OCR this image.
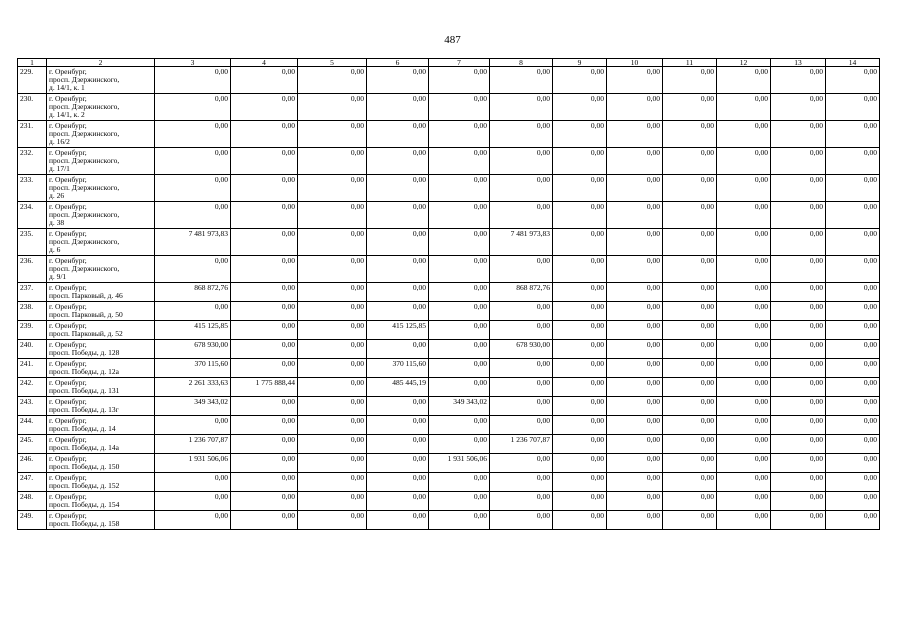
487
1	2	3	4	5	6	7	8	9	10	11	12	13	14
229.	г. Оренбург,
просп. Дзержинского,
д. 14/1, к. 1	0,00	0,00	0,00	0,00	0,00	0,00	0,00	0,00	0,00	0,00	0,00	0,00
230.	г. Оренбург,
просп. Дзержинского,
д. 14/1, к. 2	0,00	0,00	0,00	0,00	0,00	0,00	0,00	0,00	0,00	0,00	0,00	0,00
231.	г. Оренбург,
просп. Дзержинского,
д. 16/2	0,00	0,00	0,00	0,00	0,00	0,00	0,00	0,00	0,00	0,00	0,00	0,00
232.	г. Оренбург,
просп. Дзержинского,
д. 17/1	0,00	0,00	0,00	0,00	0,00	0,00	0,00	0,00	0,00	0,00	0,00	0,00
233.	г. Оренбург,
просп. Дзержинского,
д. 26	0,00	0,00	0,00	0,00	0,00	0,00	0,00	0,00	0,00	0,00	0,00	0,00
234.	г. Оренбург,
просп. Дзержинского,
д. 38	0,00	0,00	0,00	0,00	0,00	0,00	0,00	0,00	0,00	0,00	0,00	0,00
235.	г. Оренбург,
просп. Дзержинского,
д. 6	7 481 973,83	0,00	0,00	0,00	0,00	7 481 973,83	0,00	0,00	0,00	0,00	0,00	0,00
236.	г. Оренбург,
просп. Дзержинского,
д. 9/1	0,00	0,00	0,00	0,00	0,00	0,00	0,00	0,00	0,00	0,00	0,00	0,00
237.	г. Оренбург,
просп. Парковый, д. 46	868 872,76	0,00	0,00	0,00	0,00	868 872,76	0,00	0,00	0,00	0,00	0,00	0,00
238.	г. Оренбург,
просп. Парковый, д. 50	0,00	0,00	0,00	0,00	0,00	0,00	0,00	0,00	0,00	0,00	0,00	0,00
239.	г. Оренбург,
просп. Парковый, д. 52	415 125,85	0,00	0,00	415 125,85	0,00	0,00	0,00	0,00	0,00	0,00	0,00	0,00
240.	г. Оренбург,
просп. Победы, д. 128	678 930,00	0,00	0,00	0,00	0,00	678 930,00	0,00	0,00	0,00	0,00	0,00	0,00
241.	г. Оренбург,
просп. Победы, д. 12а	370 115,60	0,00	0,00	370 115,60	0,00	0,00	0,00	0,00	0,00	0,00	0,00	0,00
242.	г. Оренбург,
просп. Победы, д. 131	2 261 333,63	1 775 888,44	0,00	485 445,19	0,00	0,00	0,00	0,00	0,00	0,00	0,00	0,00
243.	г. Оренбург,
просп. Победы, д. 13г	349 343,02	0,00	0,00	0,00	349 343,02	0,00	0,00	0,00	0,00	0,00	0,00	0,00
244.	г. Оренбург,
просп. Победы, д. 14	0,00	0,00	0,00	0,00	0,00	0,00	0,00	0,00	0,00	0,00	0,00	0,00
245.	г. Оренбург,
просп. Победы, д. 14а	1 236 707,87	0,00	0,00	0,00	0,00	1 236 707,87	0,00	0,00	0,00	0,00	0,00	0,00
246.	г. Оренбург,
просп. Победы, д. 150	1 931 506,06	0,00	0,00	0,00	1 931 506,06	0,00	0,00	0,00	0,00	0,00	0,00	0,00
247.	г. Оренбург,
просп. Победы, д. 152	0,00	0,00	0,00	0,00	0,00	0,00	0,00	0,00	0,00	0,00	0,00	0,00
248.	г. Оренбург,
просп. Победы, д. 154	0,00	0,00	0,00	0,00	0,00	0,00	0,00	0,00	0,00	0,00	0,00	0,00
249.	г. Оренбург,
просп. Победы, д. 158	0,00	0,00	0,00	0,00	0,00	0,00	0,00	0,00	0,00	0,00	0,00	0,00
